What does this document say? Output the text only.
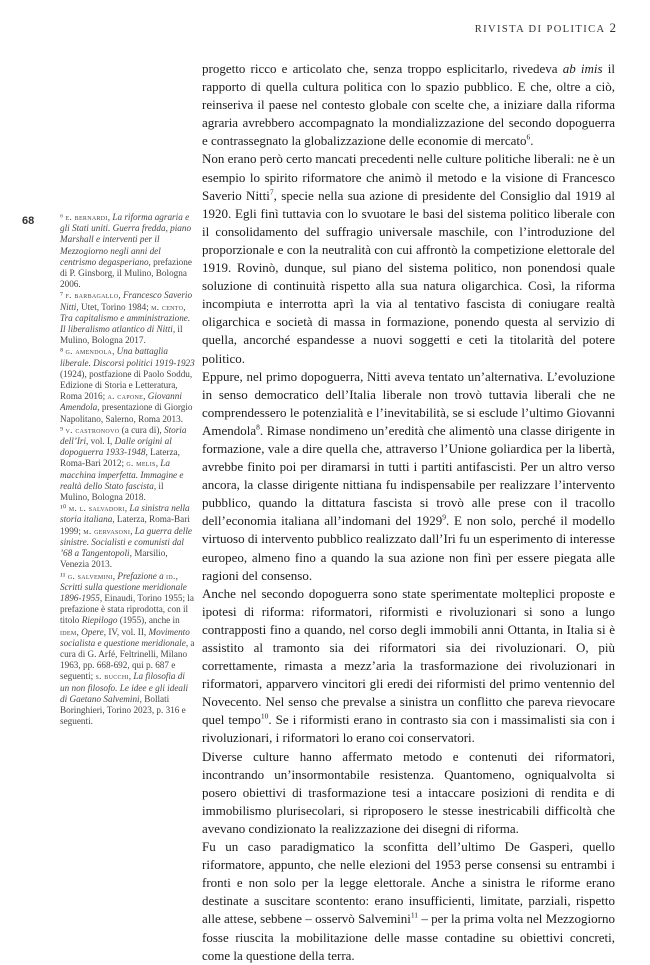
RIVISTA DI POLITICA 2
68	⁶ e. bernardi, La riforma agraria e gli Stati uniti. Guerra fredda, piano Marshall e interventi per il Mezzogiorno negli anni del centrismo degasperiano, prefazione di P. Ginsborg, il Mulino, Bologna 2006.

⁷ f. barbagallo, Francesco Saverio Nitti, Utet, Torino 1984; m. cento, Tra capitalismo e amministrazione. Il liberalismo atlantico di Nitti, il Mulino, Bologna 2017.

⁸ g. amendola, Una battaglia liberale. Discorsi politici 1919-1923 (1924), postfazione di Paolo Soddu, Edizione di Storia e Letteratura, Roma 2016; a. capone, Giovanni Amendola, presentazione di Giorgio Napolitano, Salerno, Roma 2013.

⁹ v. castronovo (a cura di), Storia dell’Iri, vol. I, Dalle origini al dopoguerra 1933-1948, Laterza, Roma-Bari 2012; g. melis, La macchina imperfetta. Immagine e realtà dello Stato fascista, il Mulino, Bologna 2018.

¹⁰ m. l. salvadori, La sinistra nella storia italiana, Laterza, Roma-Bari 1999; m. gervasoni, La guerra delle sinistre. Socialisti e comunisti dal ’68 a Tangentopoli, Marsilio, Venezia 2013.

¹¹ g. salvemini, Prefazione a id., Scritti sulla questione meridionale 1896-1955, Einaudi, Torino 1955; la prefazione è stata riprodotta, con il titolo Riepilogo (1955), anche in idem, Opere, IV, vol. II, Movimento socialista e questione meridionale, a cura di G. Arfé, Feltrinelli, Milano 1963, pp. 668-692, qui p. 687 e seguenti; s. bucchi, La filosofia di un non filosofo. Le idee e gli ideali di Gaetano Salvemini, Bollati Boringhieri, Torino 2023, p. 316 e seguenti.

progetto ricco e articolato che, senza troppo esplicitarlo, rivedeva ab imis il rapporto di quella cultura politica con lo spazio pubblico. E che, oltre a ciò, reinseriva il paese nel contesto globale con scelte che, a iniziare dalla riforma agraria avrebbero accompagnato la mondializzazione del secondo dopoguerra e contrassegnato la globalizzazione delle economie di mercato$^6$.

Non erano però certo mancati precedenti nelle culture politiche liberali: ne è un esempio lo spirito riformatore che animò il metodo e la visione di Francesco Saverio Nitti$^7$, specie nella sua azione di presidente del Consiglio dal 1919 al 1920. Egli finì tuttavia con lo svuotare le basi del sistema politico liberale con il consolidamento del suffragio universale maschile, con l’introduzione del proporzionale e con la neutralità con cui affrontò la competizione elettorale del 1919. Rovinò, dunque, sul piano del sistema politico, non ponendosi quale soluzione di continuità rispetto alla sua natura oligarchica. Così, la riforma incompiuta e interrotta aprì la via al tentativo fascista di coniugare realtà oligarchica e società di massa in formazione, ponendo questa al servizio di quella, ancorché espandesse a nuovi soggetti e ceti la titolarità del potere politico.

Eppure, nel primo dopoguerra, Nitti aveva tentato un’alternativa. L’evoluzione in senso democratico dell’Italia liberale non trovò tuttavia liberali che ne comprendessero le potenzialità e l’inevitabilità, se si esclude l’ultimo Giovanni Amendola$^8$. Rimase nondimeno un’eredità che alimentò una classe dirigente in formazione, vale a dire quella che, attraverso l’Unione goliardica per la libertà, avrebbe finito poi per diramarsi in tutti i partiti antifascisti. Per un altro verso ancora, la classe dirigente nittiana fu indispensabile per realizzare l’intervento pubblico, quando la dittatura fascista si trovò alle prese con il tracollo dell’economia italiana all’indomani del 1929$^9$. E non solo, perché il modello virtuoso di intervento pubblico realizzato dall’Iri fu un esperimento di interesse europeo, almeno fino a quando la sua azione non finì per essere piegata alle ragioni del consenso.

Anche nel secondo dopoguerra sono state sperimentate molteplici proposte e ipotesi di riforma: riformatori, riformisti e rivoluzionari si sono a lungo contrapposti fino a quando, nel corso degli immobili anni Ottanta, in Italia si è assistito al tramonto sia dei riformatori sia dei rivoluzionari. O, più correttamente, rimasta a mezz’aria la trasformazione dei rivoluzionari in riformatori, apparvero vincitori gli eredi dei riformisti del primo ventennio del Novecento. Nel senso che prevalse a sinistra un conflitto che pareva rievocare quel tempo$^{10}$. Se i riformisti erano in contrasto sia con i massimalisti sia con i rivoluzionari, i riformatori lo erano coi conservatori.

Diverse culture hanno affermato metodo e contenuti dei riformatori, incontrando un’insormontabile resistenza. Quantomeno, ogniqualvolta si posero obiettivi di trasformazione tesi a intaccare posizioni di rendita e di immobilismo plurisecolari, si riproposero le stesse inestricabili difficoltà che avevano condizionato la realizzazione dei disegni di riforma.

Fu un caso paradigmatico la sconfitta dell’ultimo De Gasperi, quello riformatore, appunto, che nelle elezioni del 1953 perse consensi su entrambi i fronti e non solo per la legge elettorale. Anche a sinistra le riforme erano destinate a suscitare scontento: erano insufficienti, limitate, parziali, rispetto alle attese, sebbene – osservò Salvemini$^{11}$ – per la prima volta nel Mezzogiorno fosse riuscita la mobilitazione delle masse contadine su obiettivi concreti, come la questione della terra.
